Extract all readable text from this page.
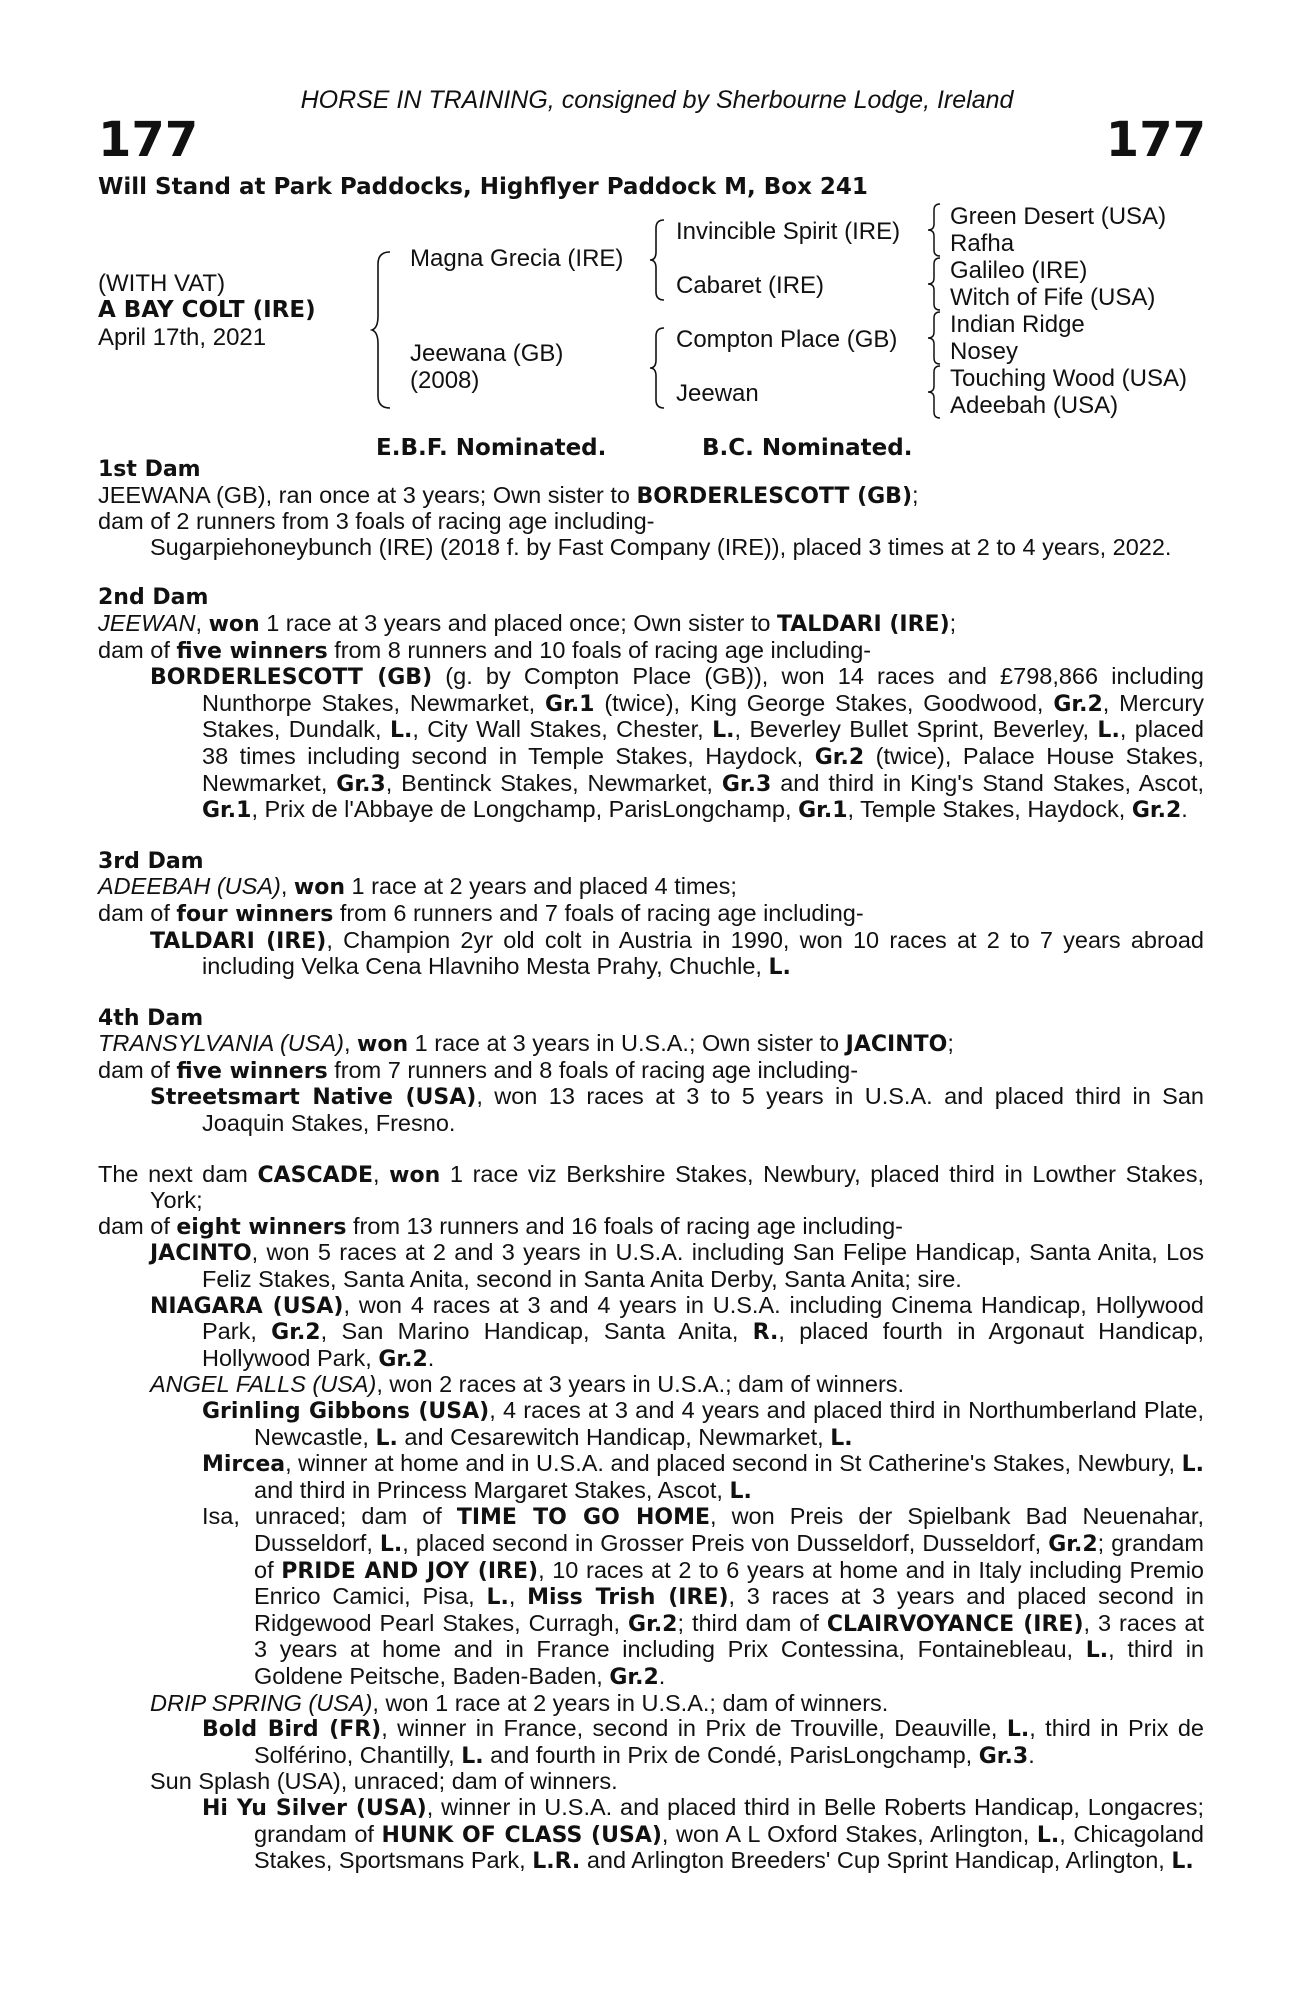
HORSE IN TRAINING, consigned by Sherbourne Lodge, Ireland
177	177
Will Stand at Park Paddocks, Highflyer Paddock M, Box 241
(WITH VAT)
A BAY COLT (IRE)
April 17th, 2021
Magna Grecia (IRE)
Jeewana (GB)
(2008)
Invincible Spirit (IRE)
Cabaret (IRE)
Compton Place (GB)
Jeewan
Green Desert (USA)
Rafha
Galileo (IRE)
Witch of Fife (USA)
Indian Ridge
Nosey
Touching Wood (USA)
Adeebah (USA)
E.B.F. Nominated.	B.C. Nominated.

1st Dam

JEEWANA (GB), ran once at 3 years; Own sister to BORDERLESCOTT (GB);

dam of 2 runners from 3 foals of racing age including-

Sugarpiehoneybunch (IRE) (2018 f. by Fast Company (IRE)), placed 3 times at 2 to 4 years, 2022.

2nd Dam

JEEWAN, won 1 race at 3 years and placed once; Own sister to TALDARI (IRE);

dam of five winners from 8 runners and 10 foals of racing age including-

BORDERLESCOTT (GB) (g. by Compton Place (GB)), won 14 races and £798,866 including Nunthorpe Stakes, Newmarket, Gr.1 (twice), King George Stakes, Goodwood, Gr.2, Mercury Stakes, Dundalk, L., City Wall Stakes, Chester, L., Beverley Bullet Sprint, Beverley, L., placed 38 times including second in Temple Stakes, Haydock, Gr.2 (twice), Palace House Stakes, Newmarket, Gr.3, Bentinck Stakes, Newmarket, Gr.3 and third in King's Stand Stakes, Ascot, Gr.1, Prix de l'Abbaye de Longchamp, ParisLongchamp, Gr.1, Temple Stakes, Haydock, Gr.2.

3rd Dam

ADEEBAH (USA), won 1 race at 2 years and placed 4 times;

dam of four winners from 6 runners and 7 foals of racing age including-

TALDARI (IRE), Champion 2yr old colt in Austria in 1990, won 10 races at 2 to 7 years abroad including Velka Cena Hlavniho Mesta Prahy, Chuchle, L.

4th Dam

TRANSYLVANIA (USA), won 1 race at 3 years in U.S.A.; Own sister to JACINTO;

dam of five winners from 7 runners and 8 foals of racing age including-

Streetsmart Native (USA), won 13 races at 3 to 5 years in U.S.A. and placed third in San Joaquin Stakes, Fresno.

The next dam CASCADE, won 1 race viz Berkshire Stakes, Newbury, placed third in Lowther Stakes, York;

dam of eight winners from 13 runners and 16 foals of racing age including-

JACINTO, won 5 races at 2 and 3 years in U.S.A. including San Felipe Handicap, Santa Anita, Los Feliz Stakes, Santa Anita, second in Santa Anita Derby, Santa Anita; sire.

NIAGARA (USA), won 4 races at 3 and 4 years in U.S.A. including Cinema Handicap, Hollywood Park, Gr.2, San Marino Handicap, Santa Anita, R., placed fourth in Argonaut Handicap, Hollywood Park, Gr.2.

ANGEL FALLS (USA), won 2 races at 3 years in U.S.A.; dam of winners.

Grinling Gibbons (USA), 4 races at 3 and 4 years and placed third in Northumberland Plate, Newcastle, L. and Cesarewitch Handicap, Newmarket, L.

Mircea, winner at home and in U.S.A. and placed second in St Catherine's Stakes, Newbury, L. and third in Princess Margaret Stakes, Ascot, L.

Isa, unraced; dam of TIME TO GO HOME, won Preis der Spielbank Bad Neuenahar, Dusseldorf, L., placed second in Grosser Preis von Dusseldorf, Dusseldorf, Gr.2; grandam of PRIDE AND JOY (IRE), 10 races at 2 to 6 years at home and in Italy including Premio Enrico Camici, Pisa, L., Miss Trish (IRE), 3 races at 3 years and placed second in Ridgewood Pearl Stakes, Curragh, Gr.2; third dam of CLAIRVOYANCE (IRE), 3 races at 3 years at home and in France including Prix Contessina, Fontainebleau, L., third in Goldene Peitsche, Baden-Baden, Gr.2.

DRIP SPRING (USA), won 1 race at 2 years in U.S.A.; dam of winners.

Bold Bird (FR), winner in France, second in Prix de Trouville, Deauville, L., third in Prix de Solférino, Chantilly, L. and fourth in Prix de Condé, ParisLongchamp, Gr.3.

Sun Splash (USA), unraced; dam of winners.

Hi Yu Silver (USA), winner in U.S.A. and placed third in Belle Roberts Handicap, Longacres; grandam of HUNK OF CLASS (USA), won A L Oxford Stakes, Arlington, L., Chicagoland Stakes, Sportsmans Park, L.R. and Arlington Breeders' Cup Sprint Handicap, Arlington, L.
